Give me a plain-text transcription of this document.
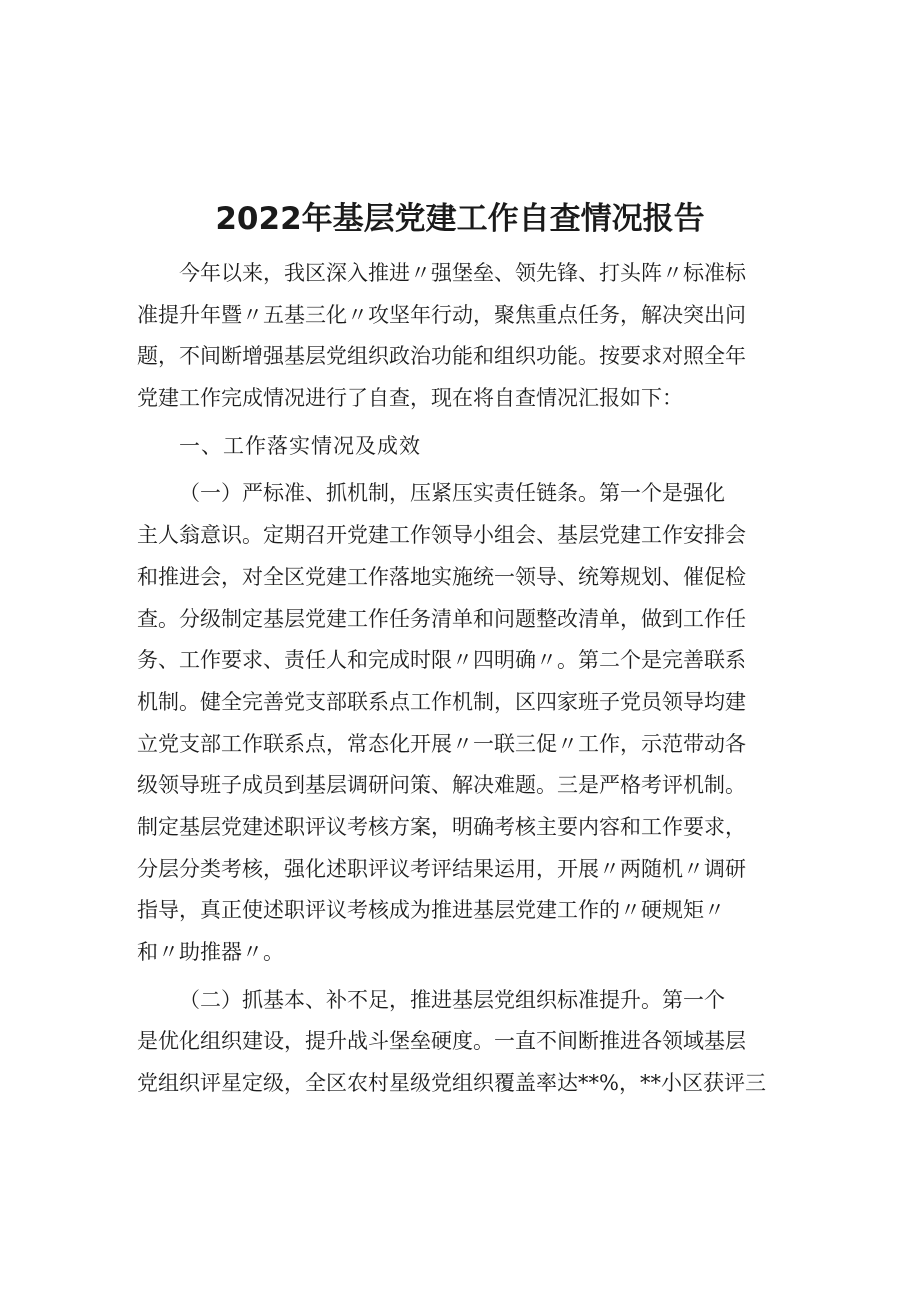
2022年基层党建工作自查情况报告
今年以来，我区深入推进〃强堡垒、领先锋、打头阵〃标准标
准提升年暨〃五基三化〃攻坚年行动，聚焦重点任务，解决突出问
题，不间断增强基层党组织政治功能和组织功能。按要求对照全年
党建工作完成情况进行了自查，现在将自查情况汇报如下：
一、工作落实情况及成效
（一）严标准、抓机制，压紧压实责任链条。第一个是强化
主人翁意识。定期召开党建工作领导小组会、基层党建工作安排会
和推进会，对全区党建工作落地实施统一领导、统筹规划、催促检
查。分级制定基层党建工作任务清单和问题整改清单，做到工作任
务、工作要求、责任人和完成时限〃四明确〃。第二个是完善联系
机制。健全完善党支部联系点工作机制，区四家班子党员领导均建
立党支部工作联系点，常态化开展〃一联三促〃工作，示范带动各
级领导班子成员到基层调研问策、解决难题。三是严格考评机制。
制定基层党建述职评议考核方案，明确考核主要内容和工作要求，
分层分类考核，强化述职评议考评结果运用，开展〃两随机〃调研
指导，真正使述职评议考核成为推进基层党建工作的〃硬规矩〃
和〃助推器〃。
（二）抓基本、补不足，推进基层党组织标准提升。第一个
是优化组织建设，提升战斗堡垒硬度。一直不间断推进各领域基层
党组织评星定级，全区农村星级党组织覆盖率达**%，**小区获评三
